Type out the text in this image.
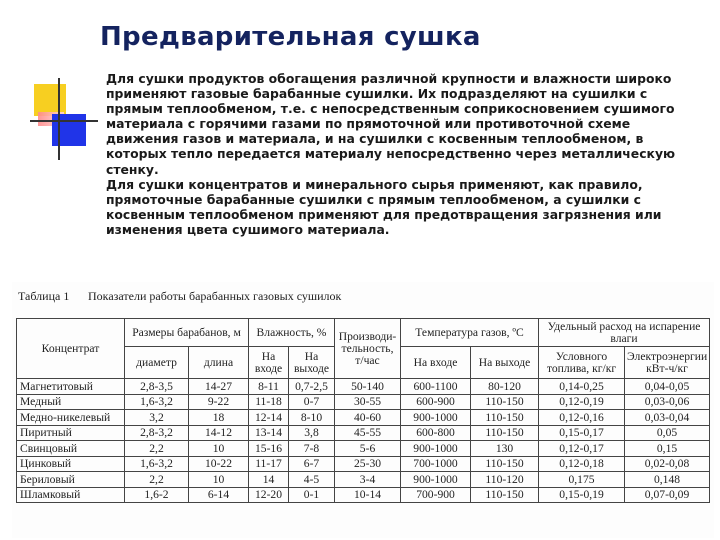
Предварительная сушка

Для сушки продуктов обогащения различной крупности и влажности широко применяют газовые барабанные сушилки. Их подразделяют на сушилки с прямым теплообменом, т.е. с непосредственным соприкосновением сушимого материала с горячими газами по прямоточной или противоточной схеме движения газов и материала, и на сушилки с косвенным теплообменом, в которых тепло передается материалу непосредственно через металлическую стенку.

Для сушки концентратов и минерального сырья применяют, как правило, прямоточные барабанные сушилки с прямым теплообменом, а сушилки с косвенным теплообменом применяют для предотвращения загрязнения или изменения цвета сушимого материала.

Таблица 1 Показатели работы барабанных газовых сушилок
Концентрат	Размеры барабанов, м		Влажность, %		Производи-тельность, т/час	Температура газов, ºС		Удельный расход на испарение влаги	
	диаметр	длина	На входе	На выходе		На входе	На выходе	Условного топлива, кг/кг	Электроэнергии кВт-ч/кг
Магнетитовый	2,8-3,5	14-27	8-11	0,7-2,5	50-140	600-1100	80-120	0,14-0,25	0,04-0,05
Медный	1,6-3,2	9-22	11-18	0-7	30-55	600-900	110-150	0,12-0,19	0,03-0,06
Медно-никелевый	3,2	18	12-14	8-10	40-60	900-1000	110-150	0,12-0,16	0,03-0,04
Пиритный	2,8-3,2	14-12	13-14	3,8	45-55	600-800	110-150	0,15-0,17	0,05
Свинцовый	2,2	10	15-16	7-8	5-6	900-1000	130	0,12-0,17	0,15
Цинковый	1,6-3,2	10-22	11-17	6-7	25-30	700-1000	110-150	0,12-0,18	0,02-0,08
Бериловый	2,2	10	14	4-5	3-4	900-1000	110-120	0,175	0,148
Шламковый	1,6-2	6-14	12-20	0-1	10-14	700-900	110-150	0,15-0,19	0,07-0,09
